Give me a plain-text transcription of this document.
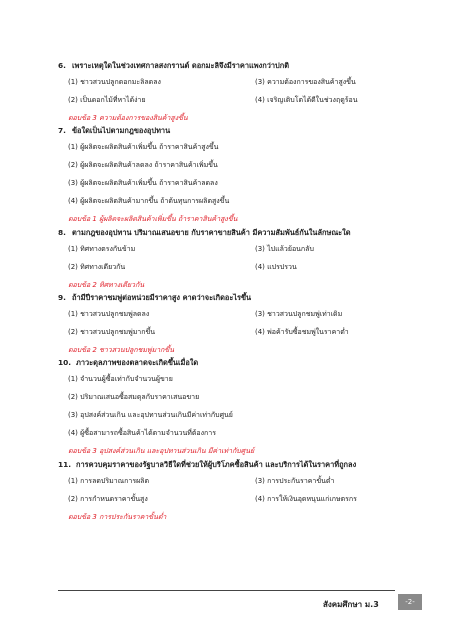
6. เพราะเหตุใดในช่วงเทศกาลสงกรานต์ ดอกมะลิจึงมีราคาแพงกว่าปกติ
(1) ชาวสวนปลูกดอกมะลิลดลง	(3) ความต้องการของสินค้าสูงขึ้น
(2) เป็นดอกไม้ที่หาได้ง่าย	(4) เจริญเติบโตได้ดีในช่วงฤดูร้อน
ตอบข้อ 3 ความต้องการของสินค้าสูงขึ้น
7. ข้อใดเป็นไปตามกฎของอุปทาน
(1) ผู้ผลิตจะผลิตสินค้าเพิ่มขึ้น ถ้าราคาสินค้าสูงขึ้น
(2) ผู้ผลิตจะผลิตสินค้าลดลง ถ้าราคาสินค้าเพิ่มขึ้น
(3) ผู้ผลิตจะผลิตสินค้าเพิ่มขึ้น ถ้าราคาสินค้าลดลง
(4) ผู้ผลิตจะผลิตสินค้ามากขึ้น ถ้าต้นทุนการผลิตสูงขึ้น
ตอบข้อ 1 ผู้ผลิตจะผลิตสินค้าเพิ่มขึ้น ถ้าราคาสินค้าสูงขึ้น
8. ตามกฎของอุปทาน ปริมาณเสนอขาย กับราคาขายสินค้า มีความสัมพันธ์กันในลักษณะใด
(1) ทิศทางตรงกันข้าม	(3) ไปแล้วย้อนกลับ
(2) ทิศทางเดียวกัน	(4) แปรปรวน
ตอบข้อ 2 ทิศทางเดียวกัน
9. ถ้ามีปีราคาชมพู่ต่อหน่วยมีราคาสูง คาดว่าจะเกิดอะไรขึ้น
(1) ชาวสวนปลูกชมพู่ลดลง	(3) ชาวสวนปลูกชมพู่เท่าเดิม
(2) ชาวสวนปลูกชมพู่มากขึ้น	(4) พ่อค้ารับซื้อชมพู่ในราคาต่ำ
ตอบข้อ 2 ชาวสวนปลูกชมพู่มากขึ้น
10. ภาวะดุลภาพของตลาดจะเกิดขึ้นเมื่อใด
(1) จำนวนผู้ซื้อเท่ากับจำนวนผู้ขาย
(2) ปริมาณเสนอซื้อสมดุลกับราคาเสนอขาย
(3) อุปสงค์ส่วนเกิน และอุปทานส่วนเกินมีค่าเท่ากับศูนย์
(4) ผู้ซื้อสามารถซื้อสินค้าได้ตามจำนวนที่ต้องการ
ตอบข้อ 3 อุปสงค์ส่วนเกิน และอุปทานส่วนเกิน มีค่าเท่ากับศูนย์
11. การควบคุมราคาของรัฐบาลวิธีใดที่ช่วยให้ผู้บริโภคซื้อสินค้า และบริการได้ในราคาที่ถูกลง
(1) การลดปริมาณการผลิต	(3) การประกันราคาขั้นต่ำ
(2) การกำหนดราคาขั้นสูง	(4) การให้เงินอุดหนุนแก่เกษตรกร
ตอบข้อ 3 การประกันราคาขั้นต่ำ
สังคมศึกษา ม.3	-2-
